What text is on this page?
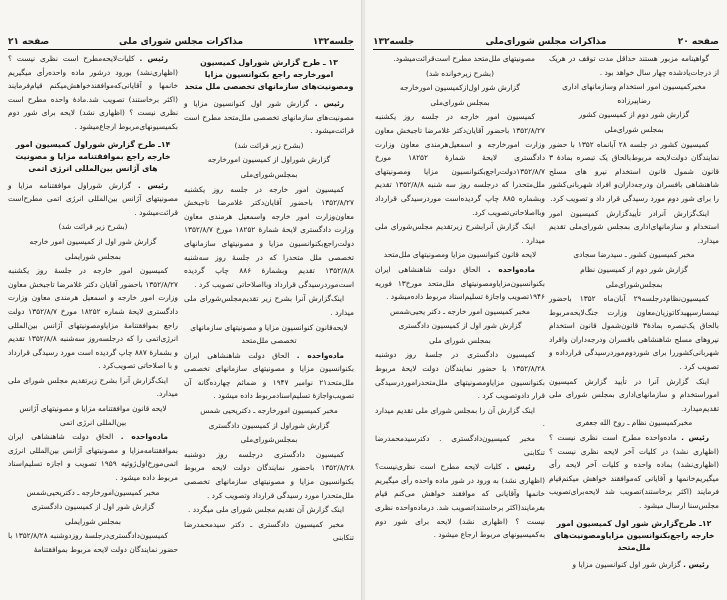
جلسه۱۳۲
مذاکرات مجلس شورای ملی
صفحه ۲۱
۱۳ ـ طرح گزارش شوراول کمیسیون امورخارجه راجع بکنوانسیون مزایا ومصونیت‌های سازمانهای تخصصی ملل متحد

رئیس . گزارش شور اول کنوانسیون مزایا و مصونیت‌های سازمانهای تخصصی ملل‌متحد مطرح است قرائت‌میشود .

(بشرح زیر قرائت شد)

گزارش شوراول از کمیسیون امورخارجه

بمجلس‌شورای‌ملی

کمیسیون امور خارجه در جلسه روز یکشنبه ۱۳۵۲/۸/۲۷ باحضور آقایان‌دکتر غلامرضا تاجبخش معاون‌وزارت امور خارجه واسمعیل هرمندی معاون وزارت دادگستری لایحهٔ شمارهٔ ۱۸۲۵۲ مورخ ۱۳۵۲/۸/۷ دولت‌راجع‌بکنوانسیون مزایا و مصونیتهای سازمانهای تخصصی ملل متحدرا که در جلسهٔ روز سه‌شنبه ۱۳۵۲/۸/۸ تقدیم وبشمارهٔ ۸۸۶ چاپ گردیده است‌موردرسیدگی قرارداد وبااصلاحاتی تصویب کرد .

اینک‌گزارش آنرا بشرح زیر تقدیم‌مجلس‌شورای ملی میدارد .

لایحه‌قانون کنوانسیون مزایا و مصونیتهای سازمانهای تخصصی ملل‌متحد

ماده‌واحده . الحاق دولت شاهنشاهی ایران بکنوانسیون مزایا و مصونیتهای سازمانهای تخصصی ملل‌متحد۲۱ نوامبر ۱۹۴۷ و ضمائم چهارده‌گانه آن تصویب‌واجازهٔ تسلیم‌اسنادمربوط داده میشود .

مخبر کمیسیون امورخارجه ـ دکتریحیی شمس

گزارش شوراول از کمیسیون دادگستری

بمجلس‌شورای‌ملی

کمیسیون دادگستری درجلسه روز دوشنبه ۱۳۵۲/۸/۲۸ باحضور نمایندگان دولت لایحه مربوط بکنوانسیون مزایا و مصونیتهای سازمانهای تخصصی ملل‌متحدرا مورد رسیدگی قرارداد وتصویب کرد .

اینک گزارش آن تقدیم مجلس شورای ملی میگردد .

مخبر کمیسیون دادگستری ـ دکتر سیدمحمدرضا تنکابنی

رئیس . کلیات‌لایحه‌مطرح است نظری نیست ؟ (اظهاری‌نشد) بورود درشور ماده واحده‌رأی میگیریم خانمها و آقایانی‌که‌موافقندخواهش‌میکنم قیام‌فرمایند (اکثر برخاستند) تصویب شد.مادهٔ واحده مطرح است نظری نیست ؟ (اظهاری نشد) لایحه برای شور دوم بکمیسیونهای‌مربوط ارجاع‌میشود .

۱۴ـ طرح گزارش شوراول کمیسیون امور خارجه راجع بموافقتنامه مزایا و مصونیت های آژانس بین‌المللی انرژی اتمی

رئیس . گزارش شوراول موافقتنامه مزایا و مصونیتهای آژانس بین‌المللی انرژی اتمی مطرح‌است قرائت‌میشود .

(بشرح زیر قرائت شد)

گزارش شور اول از کمیسیون امور خارجه

بمجلس شورایملی

کمیسیون امور خارجه در جلسهٔ روز یکشنبه ۱۳۵۲/۸/۲۷ باحضور آقایان دکتر غلامرضا تاجبخش معاون وزارت امور خارجه و اسمعیل هرمندی معاون وزارت دادگستری لایحهٔ شماره ۱۸۲۵۲ مورخ ۱۳۵۲/۸/۷ دولت راجع بموافقتنامهٔ مزایاومصونیتهای آژانس بین‌المللی انرژی‌اتمی را که درجلسه‌روز سه‌شنبه ۱۳۵۲/۸/۸ تقدیم و بشمارهٔ ۸۸۷ چاپ گردیده است مورد رسیدگی قرارداد و با اصلاحاتی تصویب‌کرد .

اینک‌گزارش آنرا بشرح زیرتقدیم مجلس شورای ملی میدارد.

لایحه قانون موافقتنامه مزایا و مصونیتهای آژانس بین‌المللی انرژی اتمی

ماده‌واحده . الحاق دولت شاهنشاهی ایران بموافقتنامه‌مزایا و مصونیتهای آژانس بین‌المللی انرژی اتمی‌مورخ‌اول‌ژوئیه ۱۹۵۹ تصویب و اجازه تسلیم‌اسناد مربوط داده میشود .

مخبر کمیسیون‌امورخارجه‌ ـ دکتریحیی‌شمس

گزارش شور اول از کمیسیون دادگستری

بمجلس شورایملی

کمیسیون‌دادگستری‌درجلسهٔ روزدوشنبه ۱۳۵۲/۸/۲۸ با حضور نمایندگان دولت لایحه مربوط بموافقتنامهٔ

صفحه ۲۰
مذاکرات مجلس شورای‌ملی
جلسه۱۳۲

گواهینامه مزبور هستند حداقل مدت توقف در هریک از درجات‌یادشده چهار سال خواهد بود .

مخبر‌کمیسیون امور استخدام وسازمانهای اداری رضاپیرزاده

گزارش شور دوم از کمیسیون کشور

بمجلس شورای‌ملی

کمیسیون کشور در جلسه ۲۸ آبانماه ۱۳۵۲ با حضور نمایندگان دولت‌لایحه مربوط‌بالحاق یک تبصره بمادهٔ ۳ قانون شمول قانون استخدام نیرو های مسلح شاهنشاهی بافسران ودرجه‌داران‌و افراد شهربانی‌کشور را برای شور دوم مورد رسیدگی قرار داد و تصویب کرد.

اینک‌گزارش آنرادر تأیید‌گزارش کمیسیون امور استخدام و سازمانهای‌اداری بمجلس شورای‌ملی تقدیم میدارد.

مخبر کمیسیون کشور ـ سیدرضا سجادی

گزارش شور دوم از کمیسیون نظام

بمجلس‌شورای‌ملی

کمیسیون‌نظام‌درجلسه۲۹ آبان‌ماه ۱۳۵۲ باحضور تیمسارسپهبد‌کاتوزیان‌معاون وزارت جنگ‌لایحه‌مربوط بالحاق یک‌تبصره بمادهٔ۳ قانون‌شمول قانون استخدام نیروهای مسلح شاهنشاهی بافسران ودرجه‌داران واقراد شهربانی‌کشوررا برای شوردوم‌موردرسیدگی قرارداده و تصویب کرد .

اینک گزارش آنرا در تأیید گزارش کمیسیون امور‌استخدام و سازمانهای‌اداری بمجلس شورای ملی تقدیم‌میدارد.

مخبرکمیسیون نظام ـ روح الله جعفری

رئیس . ماده‌واحده مطرح است نظری نیست ؟ (اظهاری نشد) در کلیات آخر لایحه نظری نیست ؟ (اظهاری‌نشد) بماده واحده و کلیات آخر لایحه رأی میگیریم‌خانمها و آقایانی که‌موافقند خواهش میکنم‌قیام فرمایند (اکثر برخاستند)تصویب شد لایحه‌برای‌تصویب مجلس‌سنا ارسال میشود .

۱۲ـ طرح‌گزارش شور اول کمیسیون امور خارجه راجع‌بکنوانسیون مزایاومصونیت‌های ملل‌متحد

رئیس . گزارش شور اول کنوانسیون مزایا و

مصونیتهای ملل‌متحد مطرح است‌قرائت‌میشود.

(بشرح زیرخوانده شد)

گزارش شور اول‌از‌کمیسیون امورخارجه

بمجلس شورای‌ملی

کمیسیون امور خارجه در جلسه روز یکشنبه ۱۳۵۲/۸/۲۷ باحضور آقایان‌دکتر غلامرضا تاجبخش معاون وزارت امورخارجه و اسمعیل‌هرمندی معاون وزارت دادگستری لایحهٔ شمارهٔ ۱۸۲۵۲ مورخ ۱۳۵۲/۸/۷دولت‌راجع‌بکنوانسیون مزایا ومصونیتهای ملل‌متحدرا که درجلسه روز سه شنبه ۱۳۵۲/۸/۸ تقدیم وبشماره ۸۸۵ چاپ گردیده‌است موردرسیدگی قرارداد وبااصلاحاتی‌تصویب کرد.

اینک گزارش آنرابشرح زیرتقدیم مجلس‌شورای ملی میدارد .

لایحه قانون کنوانسیون مزایا ومصونیتهای ملل‌متحد

ماده‌واحده . الحاق دولت شاهنشاهی ایران بکنوانسیون‌مزایاومصونیتهای ملل‌متحد مورخ۱۳ فوریه ۱۹۴۶تصویب واجازهٔ تسلیم‌اسناد مربوط داده‌میشود .

مخبر کمیسیون امور خارجه ـ دکتر یحیی‌شمس

گزارش شور اول از کمیسیون دادگستری

بمجلس شورای ملی

کمیسیون دادگستری در جلسهٔ روز دوشنبه ۱۳۵۲/۸/۲۸ با حضور نمایندگان دولت لایحهٔ مربوط بکنوانسیون مزایاومصونیتهای ملل‌متحدراموردرسیدگی قرار دادوتصویب کرد .

اینک گزارش آن را بمجلس شورای ملی تقدیم میدارد .

مخبر کمیسیون‌دادگستری . دکترسیدمحمدرضا تنکابنی

رئیس . کلیات لایحه مطرح است نظری‌نیست؟ (اظهاری نشد) به ورود در شور ماده واحده رأی میگیریم خانمها وآقایانی که موافقند خواهش می‌کنم قیام بفرمایند(اکثر برخاستند)تصویب شد. درماده‌واحده نظری نیست ؟ (اظهاری نشد) لایحه برای شور دوم به‌کمیسیونهای مربوط ارجاع میشود .
